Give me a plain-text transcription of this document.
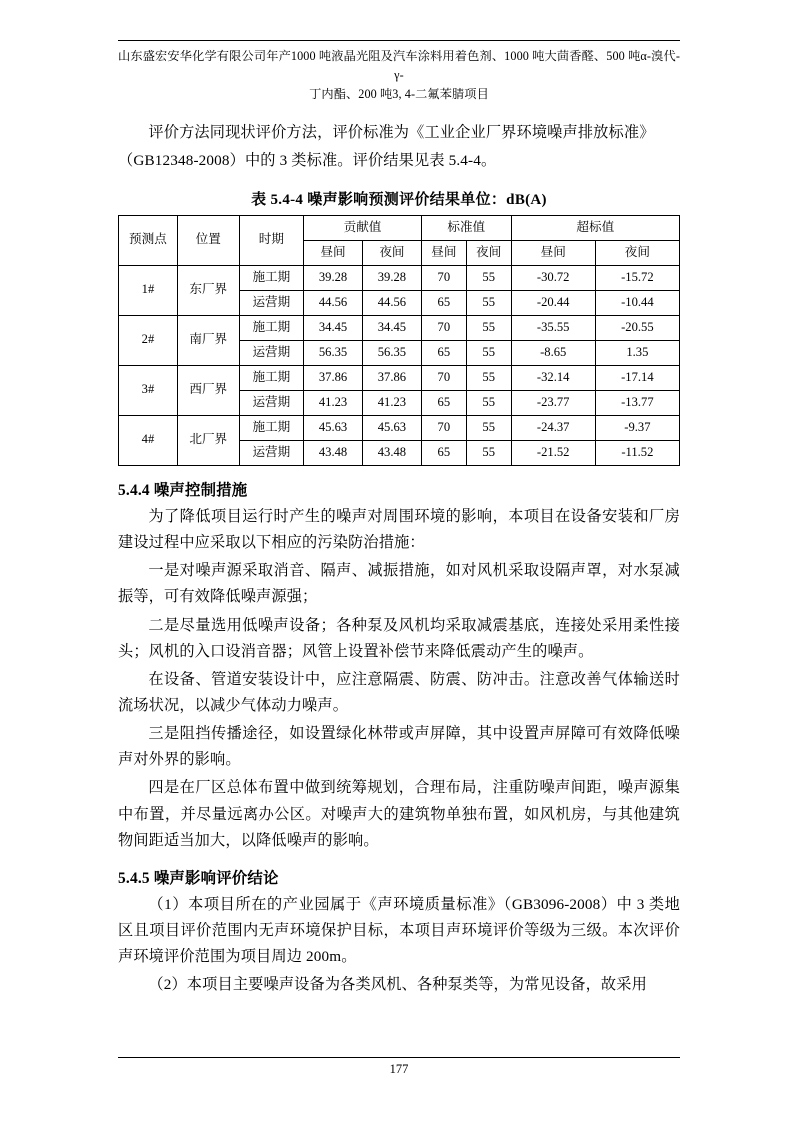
山东盛宏安华化学有限公司年产1000 吨液晶光阻及汽车涂料用着色剂、1000 吨大茴香醛、500 吨α-溴代-γ-
丁内酯、200 吨3, 4-二氟苯腈项目

评价方法同现状评价方法，评价标准为《工业企业厂界环境噪声排放标准》

（GB12348-2008）中的 3 类标准。评价结果见表 5.4-4。

表 5.4-4 噪声影响预测评价结果单位：dB(A)
预测点	位置	时期	贡献值		标准值		超标值	
			昼间	夜间	昼间	夜间	昼间	夜间
1#	东厂界	施工期	39.28	39.28	70	55	-30.72	-15.72
		运营期	44.56	44.56	65	55	-20.44	-10.44
2#	南厂界	施工期	34.45	34.45	70	55	-35.55	-20.55
		运营期	56.35	56.35	65	55	-8.65	1.35
3#	西厂界	施工期	37.86	37.86	70	55	-32.14	-17.14
		运营期	41.23	41.23	65	55	-23.77	-13.77
4#	北厂界	施工期	45.63	45.63	70	55	-24.37	-9.37
		运营期	43.48	43.48	65	55	-21.52	-11.52
5.4.4 噪声控制措施

为了降低项目运行时产生的噪声对周围环境的影响，本项目在设备安装和厂房建设过程中应采取以下相应的污染防治措施：

一是对噪声源采取消音、隔声、减振措施，如对风机采取设隔声罩，对水泵减振等，可有效降低噪声源强；

二是尽量选用低噪声设备；各种泵及风机均采取减震基底，连接处采用柔性接头；风机的入口设消音器；风管上设置补偿节来降低震动产生的噪声。

在设备、管道安装设计中，应注意隔震、防震、防冲击。注意改善气体输送时流场状况，以减少气体动力噪声。

三是阻挡传播途径，如设置绿化林带或声屏障，其中设置声屏障可有效降低噪声对外界的影响。

四是在厂区总体布置中做到统筹规划，合理布局，注重防噪声间距，噪声源集中布置，并尽量远离办公区。对噪声大的建筑物单独布置，如风机房，与其他建筑物间距适当加大，以降低噪声的影响。

5.4.5 噪声影响评价结论

（1）本项目所在的产业园属于《声环境质量标准》（GB3096-2008）中 3 类地区且项目评价范围内无声环境保护目标，本项目声环境评价等级为三级。本次评价声环境评价范围为项目周边 200m。

（2）本项目主要噪声设备为各类风机、各种泵类等，为常见设备，故采用

177
